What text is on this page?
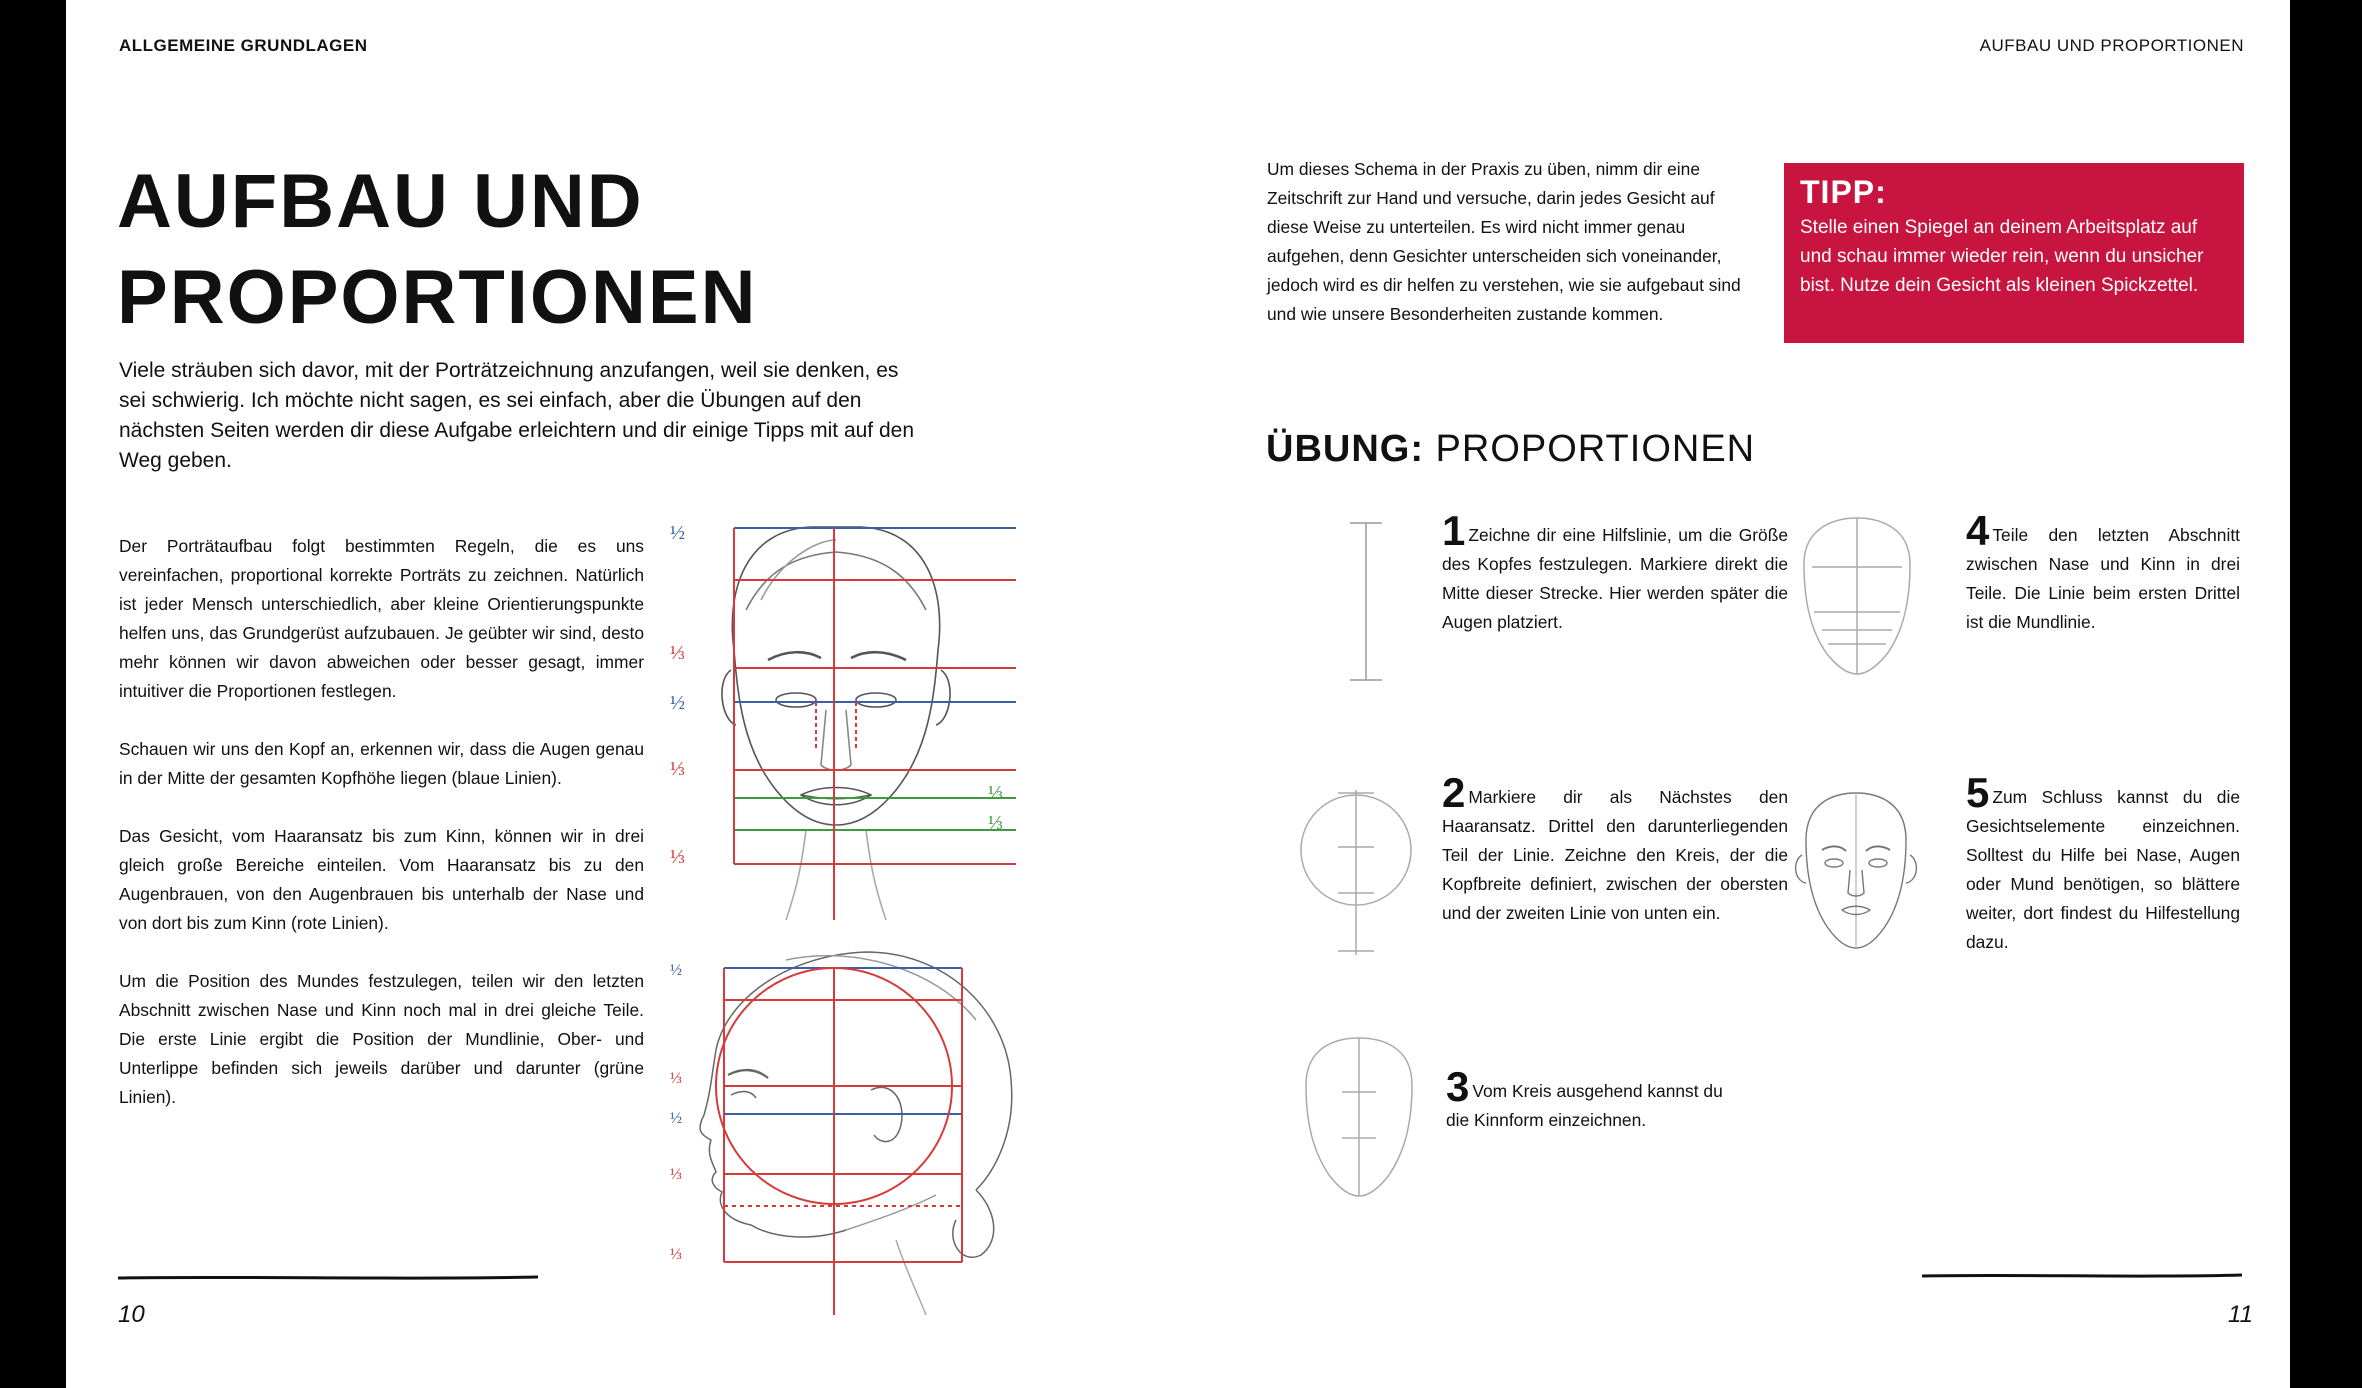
ALLGEMEINE GRUNDLAGEN	AUFBAU UND PROPORTIONEN
AUFBAU UND
PROPORTIONEN

Viele sträuben sich davor, mit der Porträtzeichnung anzufangen, weil sie denken, es sei schwierig. Ich möchte nicht sagen, es sei einfach, aber die Übungen auf den nächsten Seiten werden dir diese Aufgabe erleichtern und dir einige Tipps mit auf den Weg geben.

Der Porträtaufbau folgt bestimmten Regeln, die es uns vereinfachen, proportional korrekte Porträts zu zeichnen. Natürlich ist jeder Mensch unterschiedlich, aber kleine Orientierungspunkte helfen uns, das Grundgerüst aufzubauen. Je geübter wir sind, desto mehr können wir davon abweichen oder besser gesagt, immer intuitiver die Proportionen festlegen.

Schauen wir uns den Kopf an, erkennen wir, dass die Augen genau in der Mitte der gesamten Kopfhöhe liegen (blaue Linien).

Das Gesicht, vom Haaransatz bis zum Kinn, können wir in drei gleich große Bereiche einteilen. Vom Haaransatz bis zu den Augenbrauen, von den Augenbrauen bis unterhalb der Nase und von dort bis zum Kinn (rote Linien).

Um die Position des Mundes festzulegen, teilen wir den letzten Abschnitt zwischen Nase und Kinn noch mal in drei gleiche Teile. Die erste Linie ergibt die Position der Mundlinie, Ober- und Unterlippe befinden sich jeweils darüber und darunter (grüne Linien).

½
⅓
½
⅓
⅓
⅓
⅓
½
⅓
½
⅓
⅓

Um dieses Schema in der Praxis zu üben, nimm dir eine Zeitschrift zur Hand und versuche, darin jedes Gesicht auf diese Weise zu unterteilen. Es wird nicht immer genau aufgehen, denn Gesichter unterscheiden sich voneinander, jedoch wird es dir helfen zu verstehen, wie sie aufgebaut sind und wie unsere Besonderheiten zustande kommen.

TIPP:

Stelle einen Spiegel an deinem Arbeitsplatz auf und schau immer wieder rein, wenn du unsicher bist. Nutze dein Gesicht als kleinen Spickzettel.

ÜBUNG: PROPORTIONEN
1 Zeichne dir eine Hilfslinie, um die Größe des Kopfes festzulegen. Markiere direkt die Mitte dieser Strecke. Hier werden später die Augen platziert.
2 Markiere dir als Nächstes den Haaransatz. Drittel den darunterliegenden Teil der Linie. Zeichne den Kreis, der die Kopfbreite definiert, zwischen der obersten und der zweiten Linie von unten ein.
3 Vom Kreis ausgehend kannst du die Kinnform einzeichnen.
4 Teile den letzten Abschnitt zwischen Nase und Kinn in drei Teile. Die Linie beim ersten Drittel ist die Mundlinie.
5 Zum Schluss kannst du die Gesichtselemente einzeichnen. Solltest du Hilfe bei Nase, Augen oder Mund benötigen, so blättere weiter, dort findest du Hilfestellung dazu.
10	11
